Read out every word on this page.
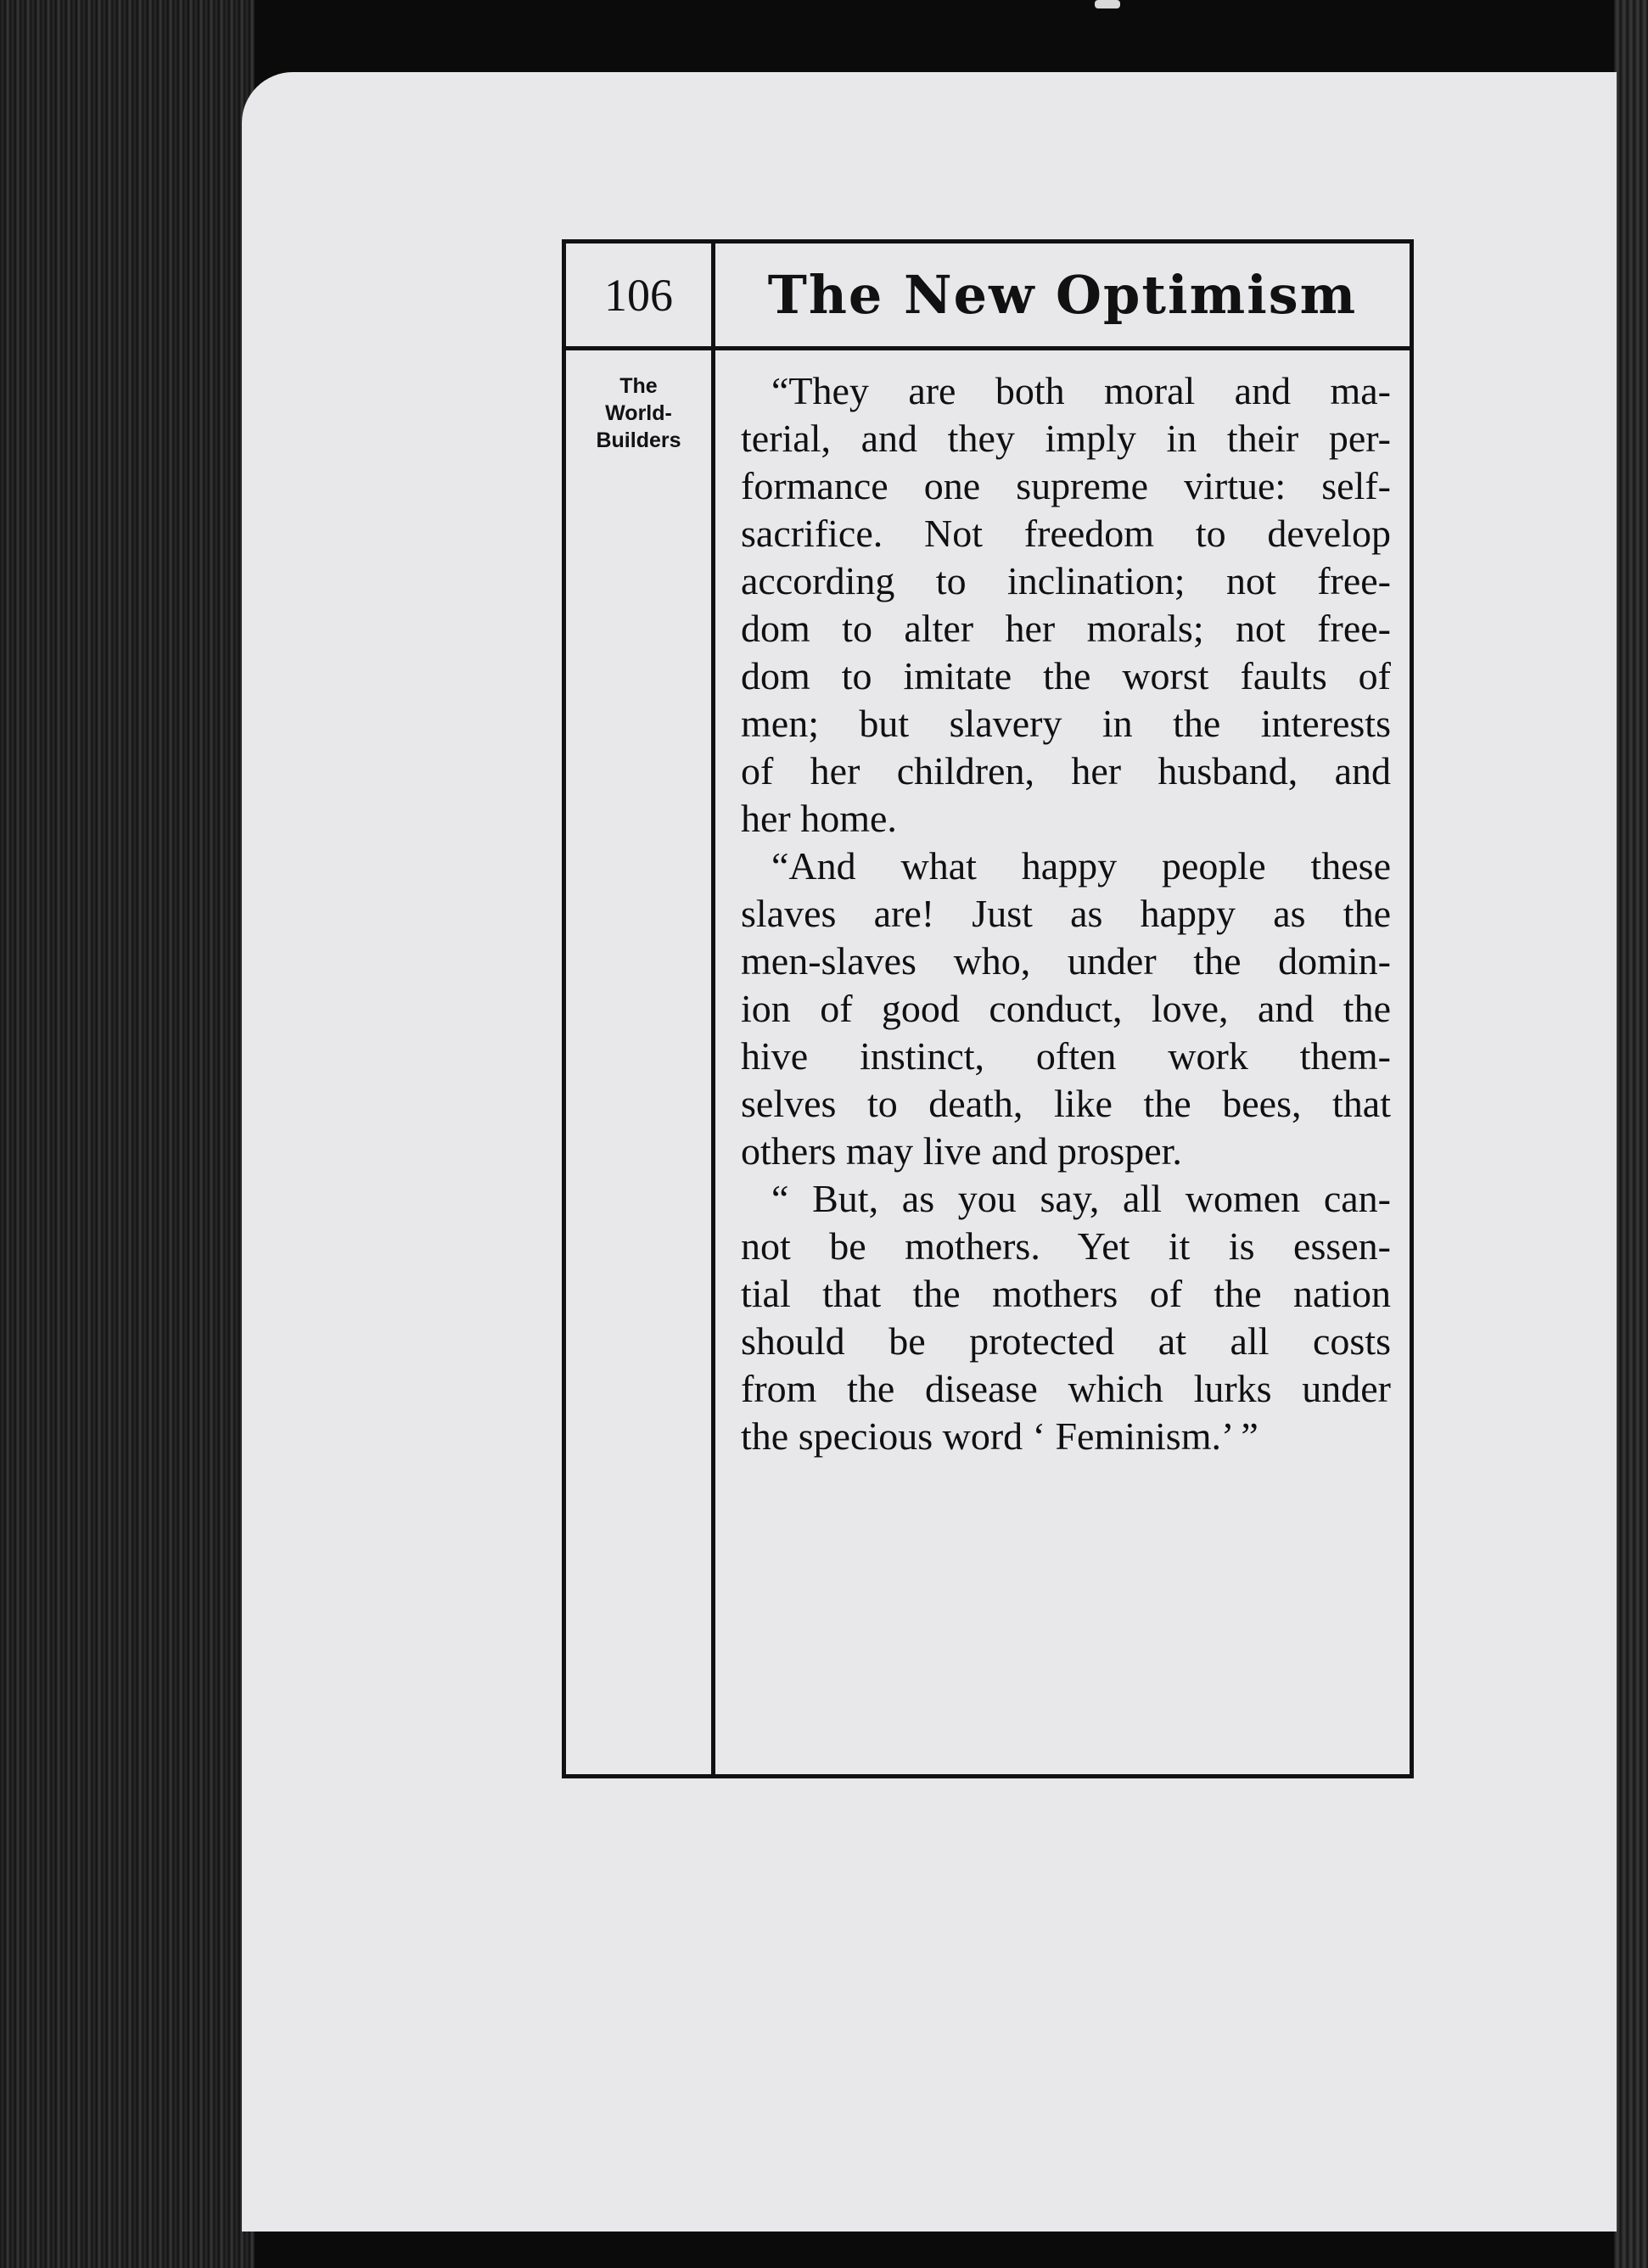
106 The New Optimism
The
World-
Builders

“They are both moral and ma-
terial, and they imply in their per-
formance one supreme virtue: self-
sacrifice. Not freedom to develop
according to inclination; not free-
dom to alter her morals; not free-
dom to imitate the worst faults of
men; but slavery in the interests
of her children, her husband, and
her home.

“And what happy people these
slaves are! Just as happy as the
men-slaves who, under the domin-
ion of good conduct, love, and the
hive instinct, often work them-
selves to death, like the bees, that
others may live and prosper.

“ But, as you say, all women can-
not be mothers. Yet it is essen-
tial that the mothers of the nation
should be protected at all costs
from the disease which lurks under
the specious word ‘ Feminism.’ ”
